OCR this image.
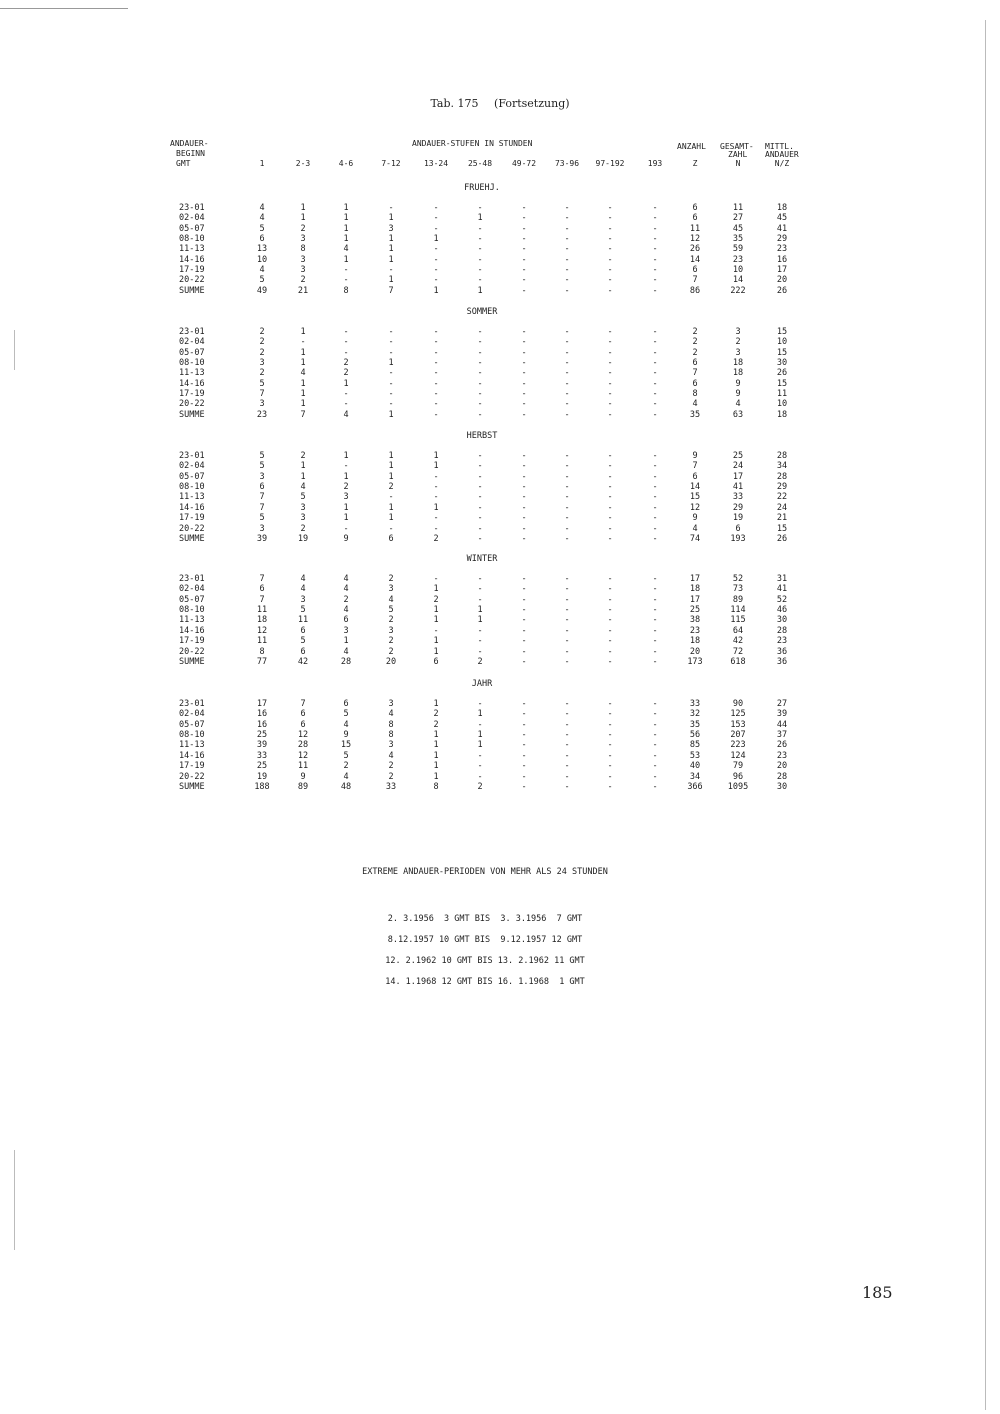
Tab. 175 (Fortsetzung)
ANDAUER-
BEGINN
GMT
ANDAUER-STUFEN IN STUNDEN	ANZAHL GESAMT-
ZAHL
MITTL.
ANDAUER
1	2-3	4-6	7-12	13-24	25-48	49-72	73-96	97-192	193	Z	N	N/Z
FRUEHJ.
23-01	4	1	1	-	-	-	-	-	-	-	6	11	18
02-04	4	1	1	1	-	1	-	-	-	-	6	27	45
05-07	5	2	1	3	-	-	-	-	-	-	11	45	41
08-10	6	3	1	1	1	-	-	-	-	-	12	35	29
11-13	13	8	4	1	-	-	-	-	-	-	26	59	23
14-16	10	3	1	1	-	-	-	-	-	-	14	23	16
17-19	4	3	-	-	-	-	-	-	-	-	6	10	17
20-22	5	2	-	1	-	-	-	-	-	-	7	14	20
SUMME	49	21	8	7	1	1	-	-	-	-	86	222	26
SOMMER
23-01	2	1	-	-	-	-	-	-	-	-	2	3	15
02-04	2	-	-	-	-	-	-	-	-	-	2	2	10
05-07	2	1	-	-	-	-	-	-	-	-	2	3	15
08-10	3	1	2	1	-	-	-	-	-	-	6	18	30
11-13	2	4	2	-	-	-	-	-	-	-	7	18	26
14-16	5	1	1	-	-	-	-	-	-	-	6	9	15
17-19	7	1	-	-	-	-	-	-	-	-	8	9	11
20-22	3	1	-	-	-	-	-	-	-	-	4	4	10
SUMME	23	7	4	1	-	-	-	-	-	-	35	63	18
HERBST
23-01	5	2	1	1	1	-	-	-	-	-	9	25	28
02-04	5	1	-	1	1	-	-	-	-	-	7	24	34
05-07	3	1	1	1	-	-	-	-	-	-	6	17	28
08-10	6	4	2	2	-	-	-	-	-	-	14	41	29
11-13	7	5	3	-	-	-	-	-	-	-	15	33	22
14-16	7	3	1	1	1	-	-	-	-	-	12	29	24
17-19	5	3	1	1	-	-	-	-	-	-	9	19	21
20-22	3	2	-	-	-	-	-	-	-	-	4	6	15
SUMME	39	19	9	6	2	-	-	-	-	-	74	193	26
WINTER
23-01	7	4	4	2	-	-	-	-	-	-	17	52	31
02-04	6	4	4	3	1	-	-	-	-	-	18	73	41
05-07	7	3	2	4	2	-	-	-	-	-	17	89	52
08-10	11	5	4	5	1	1	-	-	-	-	25	114	46
11-13	18	11	6	2	1	1	-	-	-	-	38	115	30
14-16	12	6	3	3	-	-	-	-	-	-	23	64	28
17-19	11	5	1	2	1	-	-	-	-	-	18	42	23
20-22	8	6	4	2	1	-	-	-	-	-	20	72	36
SUMME	77	42	28	20	6	2	-	-	-	-	173	618	36
JAHR
23-01	17	7	6	3	1	-	-	-	-	-	33	90	27
02-04	16	6	5	4	2	1	-	-	-	-	32	125	39
05-07	16	6	4	8	2	-	-	-	-	-	35	153	44
08-10	25	12	9	8	1	1	-	-	-	-	56	207	37
11-13	39	28	15	3	1	1	-	-	-	-	85	223	26
14-16	33	12	5	4	1	-	-	-	-	-	53	124	23
17-19	25	11	2	2	1	-	-	-	-	-	40	79	20
20-22	19	9	4	2	1	-	-	-	-	-	34	96	28
SUMME	188	89	48	33	8	2	-	-	-	-	366	1095	30
EXTREME ANDAUER-PERIODEN VON MEHR ALS 24 STUNDEN
2. 3.1956  3 GMT BIS  3. 3.1956  7 GMT
8.12.1957 10 GMT BIS  9.12.1957 12 GMT
12. 2.1962 10 GMT BIS 13. 2.1962 11 GMT
14. 1.1968 12 GMT BIS 16. 1.1968  1 GMT
185
